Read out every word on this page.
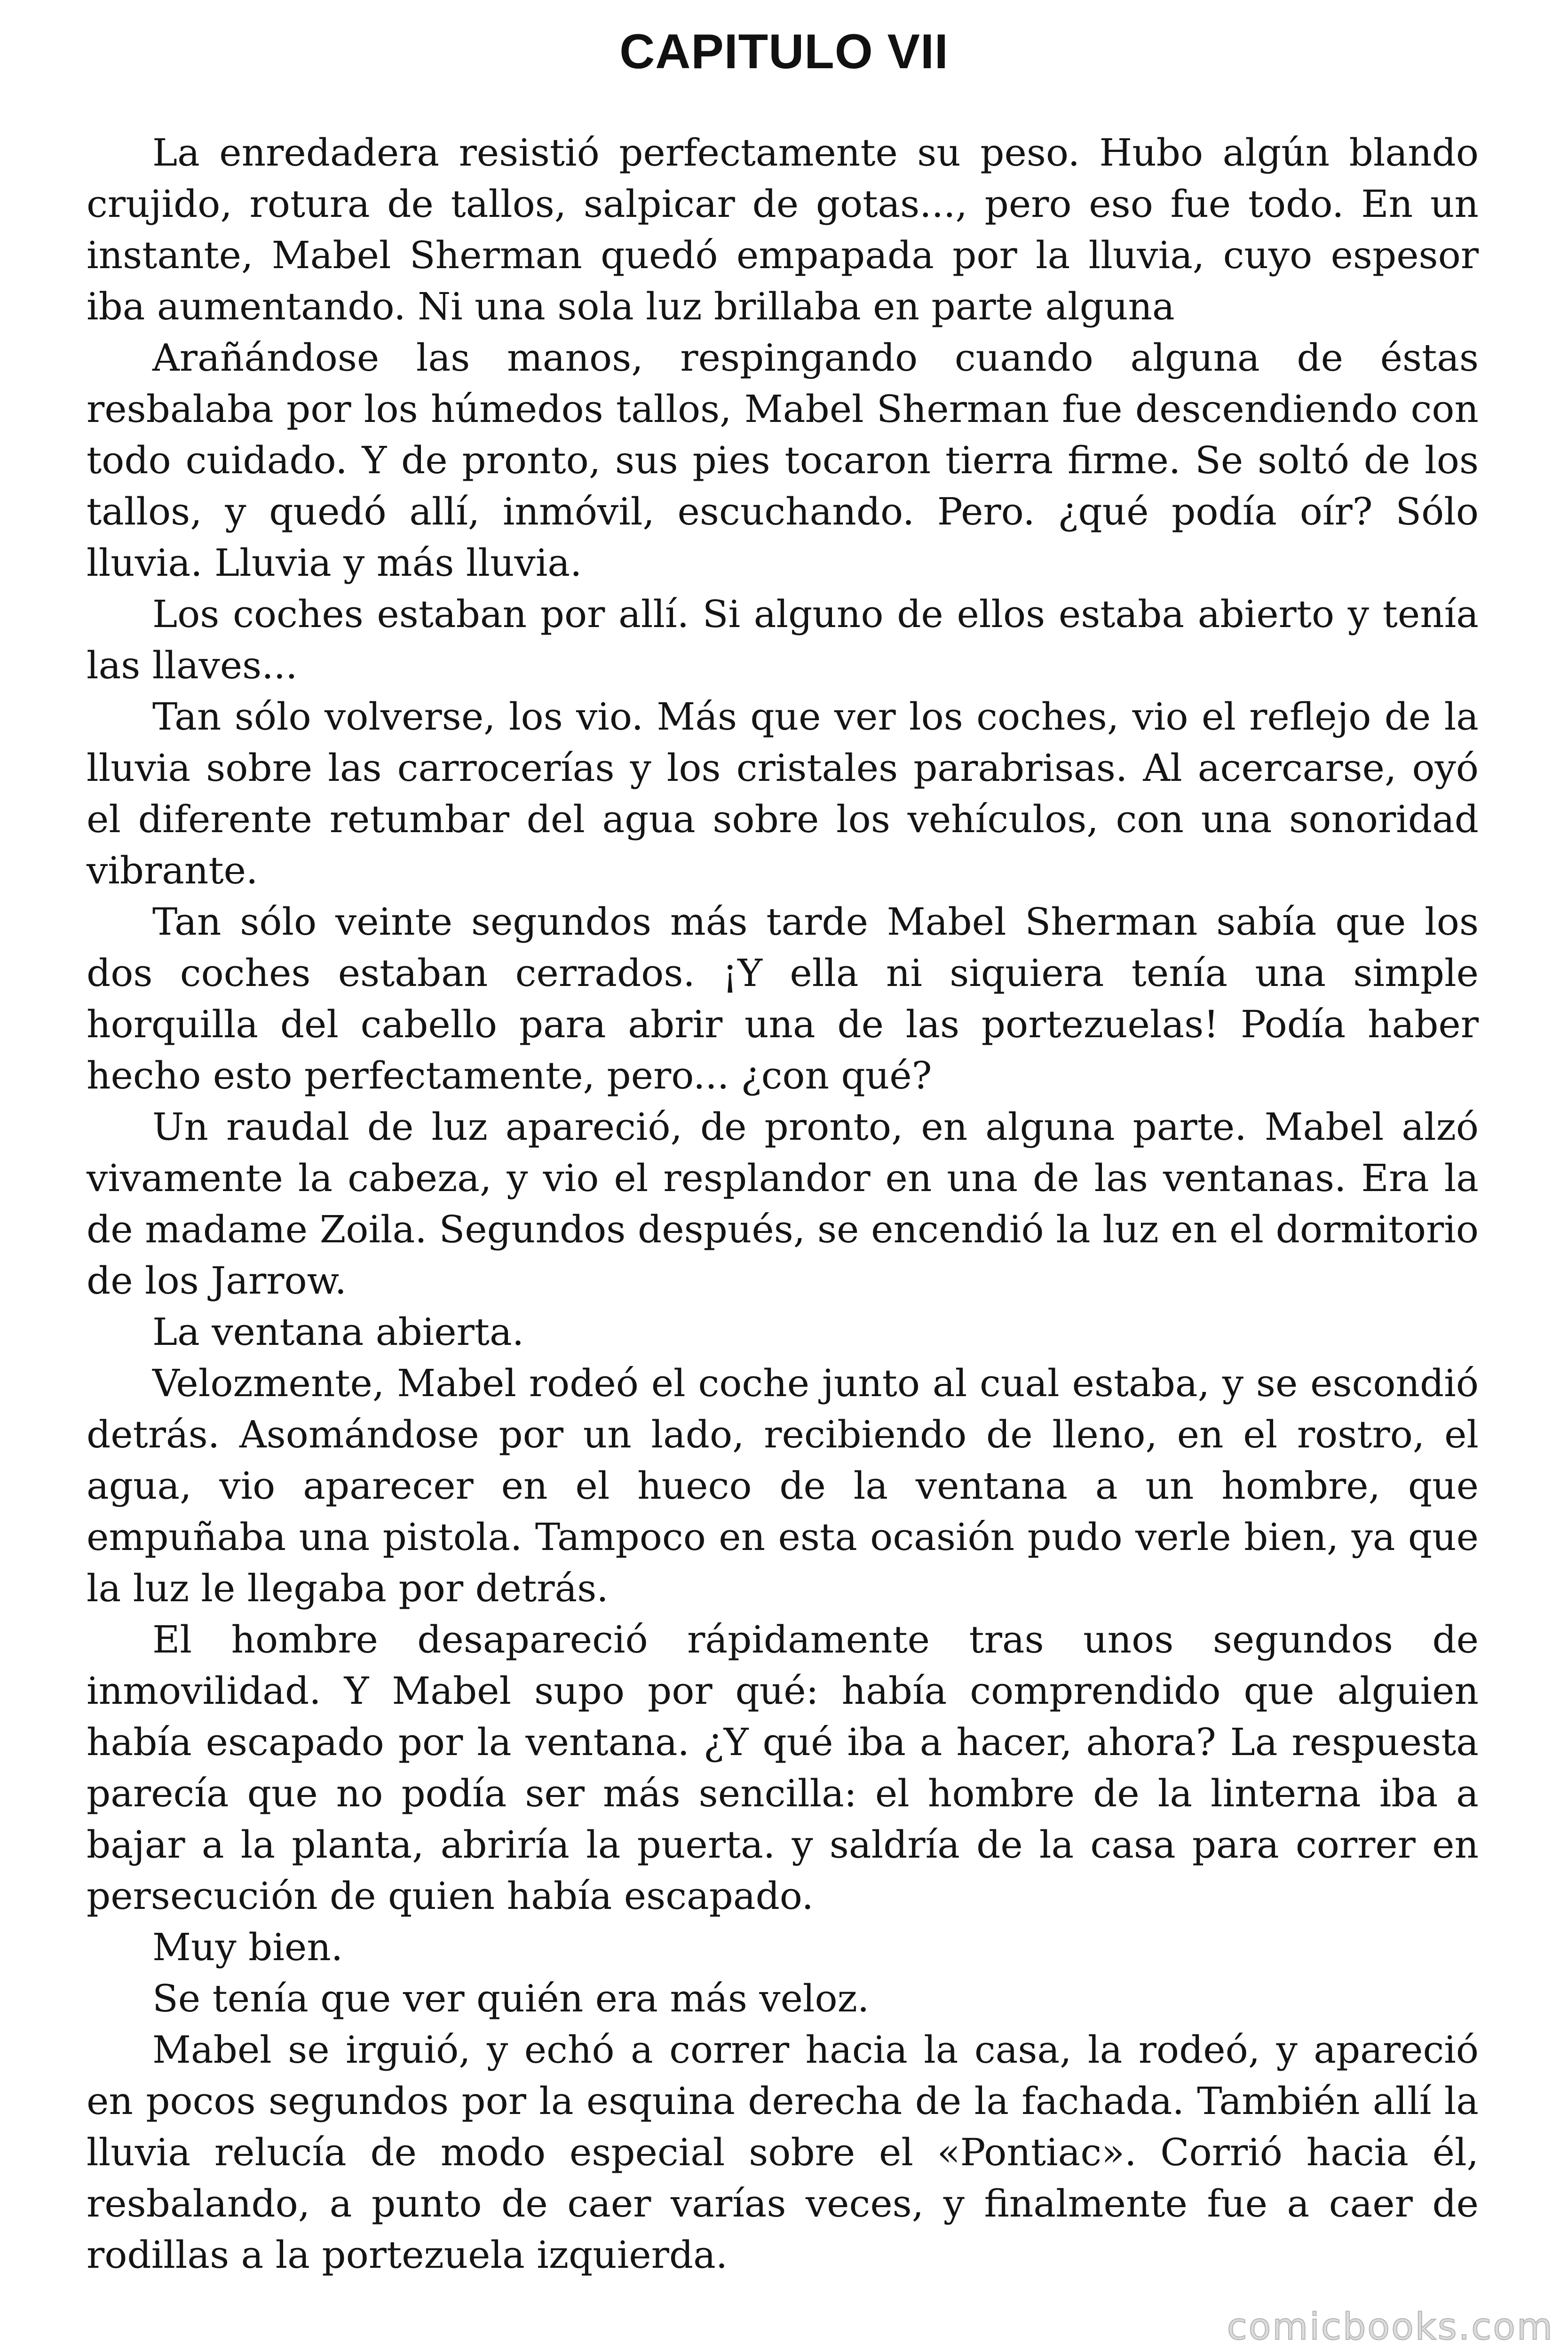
CAPITULO VII

La enredadera resistió perfectamente su peso. Hubo algún blando crujido, rotura de tallos, salpicar de gotas..., pero eso fue todo. En un instante, Mabel Sherman quedó empapada por la lluvia, cuyo espesor iba aumentando. Ni una sola luz brillaba en parte alguna

Arañándose las manos, respingando cuando alguna de éstas resbalaba por los húmedos tallos, Mabel Sherman fue descendiendo con todo cuidado. Y de pronto, sus pies tocaron tierra firme. Se soltó de los tallos, y quedó allí, inmóvil, escuchando. Pero. ¿qué podía oír? Sólo lluvia. Lluvia y más lluvia.

Los coches estaban por allí. Si alguno de ellos estaba abierto y tenía las llaves...

Tan sólo volverse, los vio. Más que ver los coches, vio el reflejo de la lluvia sobre las carrocerías y los cristales parabrisas. Al acercarse, oyó el diferente retumbar del agua sobre los vehículos, con una sonoridad vibrante.

Tan sólo veinte segundos más tarde Mabel Sherman sabía que los dos coches estaban cerrados. ¡Y ella ni siquiera tenía una simple horquilla del cabello para abrir una de las portezuelas! Podía haber hecho esto perfectamente, pero... ¿con qué?

Un raudal de luz apareció, de pronto, en alguna parte. Mabel alzó vivamente la cabeza, y vio el resplandor en una de las ventanas. Era la de madame Zoila. Segundos después, se encendió la luz en el dormitorio de los Jarrow.

La ventana abierta.

Velozmente, Mabel rodeó el coche junto al cual estaba, y se escondió detrás. Asomándose por un lado, recibiendo de lleno, en el rostro, el agua, vio aparecer en el hueco de la ventana a un hombre, que empuñaba una pistola. Tampoco en esta ocasión pudo verle bien, ya que la luz le llegaba por detrás.

El hombre desapareció rápidamente tras unos segundos de inmovilidad. Y Mabel supo por qué: había comprendido que alguien había escapado por la ventana. ¿Y qué iba a hacer, ahora? La respuesta parecía que no podía ser más sencilla: el hombre de la linterna iba a bajar a la planta, abriría la puerta. y saldría de la casa para correr en persecución de quien había escapado.

Muy bien.

Se tenía que ver quién era más veloz.

Mabel se irguió, y echó a correr hacia la casa, la rodeó, y apareció en pocos segundos por la esquina derecha de la fachada. También allí la lluvia relucía de modo especial sobre el «Pontiac». Corrió hacia él, resbalando, a punto de caer varías veces, y finalmente fue a caer de rodillas a la portezuela izquierda.

comicbooks.com
